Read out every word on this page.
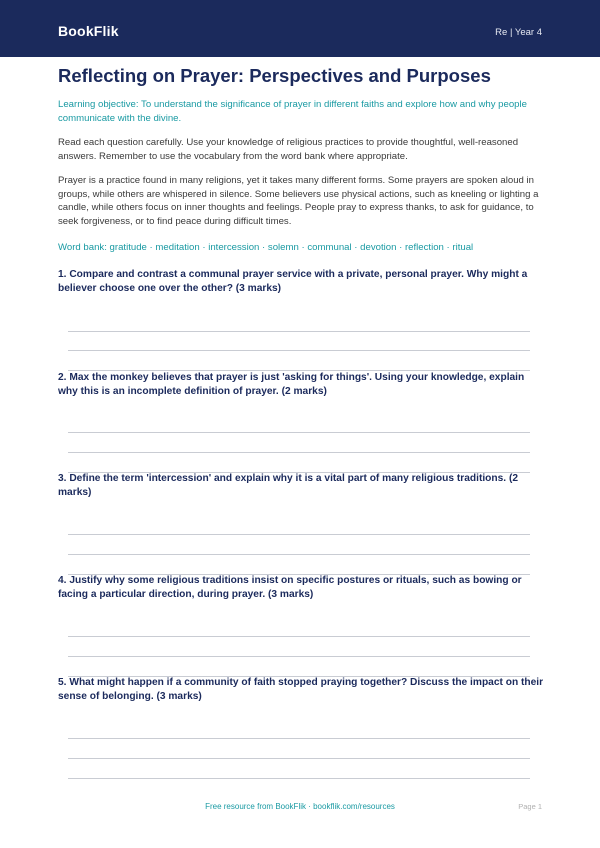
BookFlik	Re | Year 4
Reflecting on Prayer: Perspectives and Purposes
Learning objective: To understand the significance of prayer in different faiths and explore how and why people communicate with the divine.

Read each question carefully. Use your knowledge of religious practices to provide thoughtful, well-reasoned answers. Remember to use the vocabulary from the word bank where appropriate.

Prayer is a practice found in many religions, yet it takes many different forms. Some prayers are spoken aloud in groups, while others are whispered in silence. Some believers use physical actions, such as kneeling or lighting a candle, while others focus on inner thoughts and feelings. People pray to express thanks, to ask for guidance, to seek forgiveness, or to find peace during difficult times.

Word bank: gratitude · meditation · intercession · solemn · communal · devotion · reflection · ritual
1. Compare and contrast a communal prayer service with a private, personal prayer. Why might a believer choose one over the other? (3 marks)
2. Max the monkey believes that prayer is just 'asking for things'. Using your knowledge, explain why this is an incomplete definition of prayer. (2 marks)
3. Define the term 'intercession' and explain why it is a vital part of many religious traditions. (2 marks)
4. Justify why some religious traditions insist on specific postures or rituals, such as bowing or facing a particular direction, during prayer. (3 marks)
5. What might happen if a community of faith stopped praying together? Discuss the impact on their sense of belonging. (3 marks)
Free resource from BookFlik · bookflik.com/resources	Page 1
